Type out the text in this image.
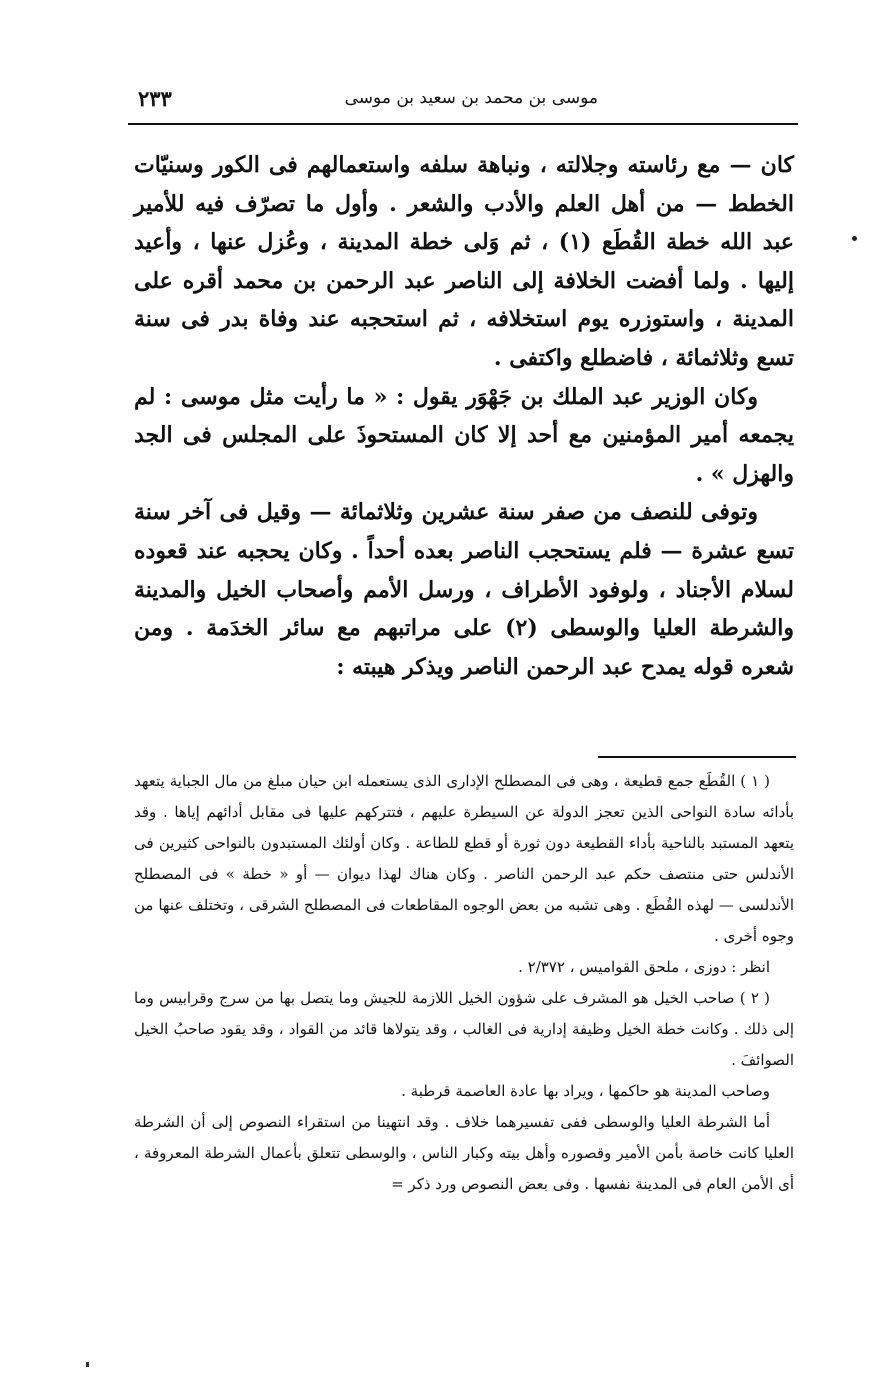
موسى بن محمد بن سعيد بن موسى
٢٣٣

كان — مع رئاسته وجلالته ، ونباهة سلفه واستعمالهم فى الكور وسنيّات الخطط — من أهل العلم والأدب والشعر . وأول ما تصرّف فيه للأمير عبد الله خطة القُطَع (١) ، ثم وَلى خطة المدينة ، وعُزل عنها ، وأعيد إليها . ولما أفضت الخلافة إلى الناصر عبد الرحمن بن محمد أقره على المدينة ، واستوزره يوم استخلافه ، ثم استحجبه عند وفاة بدر فى سنة تسع وثلاثمائة ، فاضطلع واكتفى .

وكان الوزير عبد الملك بن جَهْوَر يقول : « ما رأيت مثل موسى : لم يجمعه أمير المؤمنين مع أحد إلا كان المستحوذَ على المجلس فى الجد والهزل » .

وتوفى للنصف من صفر سنة عشرين وثلاثمائة — وقيل فى آخر سنة تسع عشرة — فلم يستحجب الناصر بعده أحداً . وكان يحجبه عند قعوده لسلام الأجناد ، ولوفود الأطراف ، ورسل الأمم وأصحاب الخيل والمدينة والشرطة العليا والوسطى (٢) على مراتبهم مع سائر الخدَمة . ومن شعره قوله يمدح عبد الرحمن الناصر ويذكر هيبته :

( ١ ) القُطَع جمع قطيعة ، وهى فى المصطلح الإدارى الذى يستعمله ابن حيان مبلغ من مال الجباية يتعهد بأدائه سادة النواحى الذين تعجز الدولة عن السيطرة عليهم ، فتتركهم عليها فى مقابل أدائهم إياها . وقد يتعهد المستبد بالناحية بأداء القطيعة دون ثورة أو قطع للطاعة . وكان أولئك المستبدون بالنواحى كثيرين فى الأندلس حتى منتصف حكم عبد الرحمن الناصر . وكان هناك لهذا ديوان — أو « خطة » فى المصطلح الأندلسى — لهذه القُطَع . وهى تشبه من بعض الوجوه المقاطعات فى المصطلح الشرقى ، وتختلف عنها من وجوه أخرى .

انظر : دوزى ، ملحق القواميس ، ٢/٣٧٢ .

( ٢ ) صاحب الخيل هو المشرف على شؤون الخيل اللازمة للجيش وما يتصل بها من سرج وقرابيس وما إلى ذلك . وكانت خطة الخيل وظيفة إدارية فى الغالب ، وقد يتولاها قائد من القواد ، وقد يقود صاحبُ الخيل الصوائفَ .

وصاحب المدينة هو حاكمها ، ويراد بها عادة العاصمة قرطبة .

أما الشرطة العليا والوسطى ففى تفسيرهما خلاف . وقد انتهينا من استقراء النصوص إلى أن الشرطة العليا كانت خاصة بأمن الأمير وقصوره وأهل بيته وكبار الناس ، والوسطى تتعلق بأعمال الشرطة المعروفة ، أى الأمن العام فى المدينة نفسها . وفى بعض النصوص ورد ذكر =
